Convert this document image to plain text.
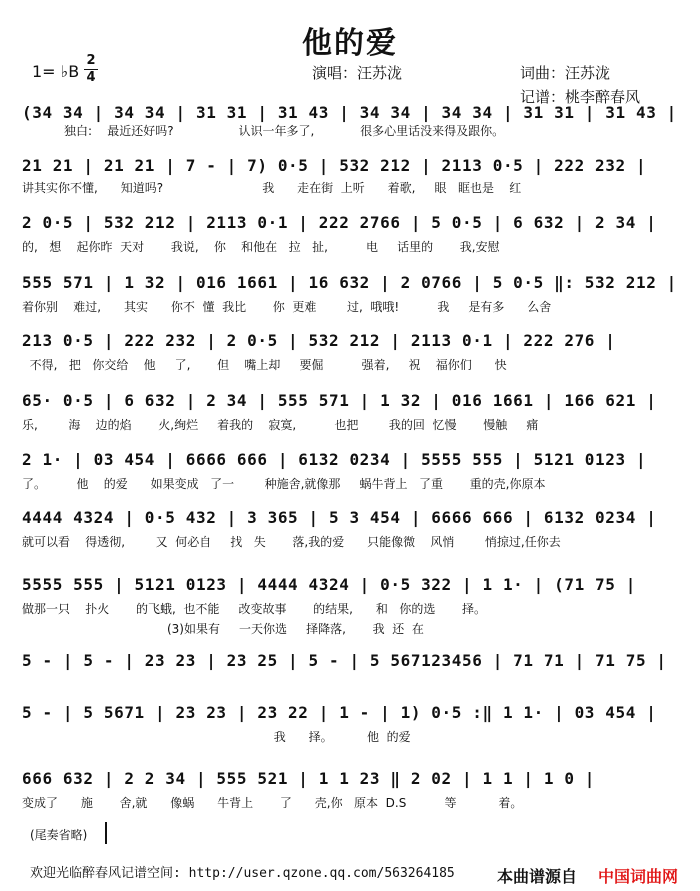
他的爱
1= ♭B
2
4	演唱：汪苏泷	词曲：汪苏泷
记谱：桃李醉春风
(34 34 | 34 34 | 31 31 | 31 43 | 34 34 | 34 34 | 31 31 | 31 43 |
独白:    最近还好吗?                 认识一年多了,            很多心里话没来得及跟你。
21 21 | 21 21 | 7 - | 7) 0·5 | 532 212 | 2113 0·5 | 222 232 |
讲其实你不懂,      知道吗?                          我      走在街  上听      着歌,     眼   眶也是    红
2 0·5 | 532 212 | 2113 0·1 | 222 2766 | 5 0·5 | 6 632 | 2 34 |
的,   想    起你昨  天对       我说,    你    和他在   拉   扯,          电     话里的       我,安慰
555 571 | 1 32 | 016 1661 | 16 632 | 2 0766 | 5 0·5 ‖: 532 212 |
着你别    难过,      其实      你不  懂  我比       你  更难        过,  哦哦!          我     是有多      么舍
213 0·5 | 222 232 | 2 0·5 | 532 212 | 2113 0·1 | 222 276 |
不得,   把   你交给    他     了,       但    嘴上却     要倔          强着,     祝    福你们      快
65· 0·5 | 6 632 | 2 34 | 555 571 | 1 32 | 016 1661 | 166 621 |
乐,        海    边的焰       火,绚烂     着我的    寂寞,          也把        我的回  忆慢       慢触     痛
2 1· | 03 454 | 6666 666 | 6132 0234 | 5555 555 | 5121 0123 |
了。        他    的爱      如果变成   了一        种施舍,就像那     蜗牛背上   了重       重的壳,你原本
4444 4324 | 0·5 432 | 3 365 | 5 3 454 | 6666 666 | 6132 0234 |
就可以看    得透彻,        又  何必自     找   失       落,我的爱      只能像微    风悄        悄掠过,任你去
5555 555 | 5121 0123 | 4444 4324 | 0·5 322 | 1 1· | (71 75 |
做那一只    扑火       的飞蛾,  也不能     改变故事       的结果,      和   你的选       择。
(3)如果有     一天你选     择降落,       我  还  在
5 - | 5 - | 23 23 | 23 25 | 5 - | 5 567123456 | 71 71 | 71 75 |
5 - | 5 5671 | 23 23 | 23 22 | 1 - | 1) 0·5 :‖ 1 1· | 03 454 |
我      择。         他  的爱
666 632 | 2 2 34 | 555 521 | 1 1 23 ‖ 2 02 | 1 1 | 1 0 |
变成了      施       舍,就      像蜗      牛背上       了      壳,你   原本  D.S          等           着。
(尾奏省略)
欢迎光临醉春风记谱空间: http://user.qzone.qq.com/563264185	本曲谱源自 中国词曲网
